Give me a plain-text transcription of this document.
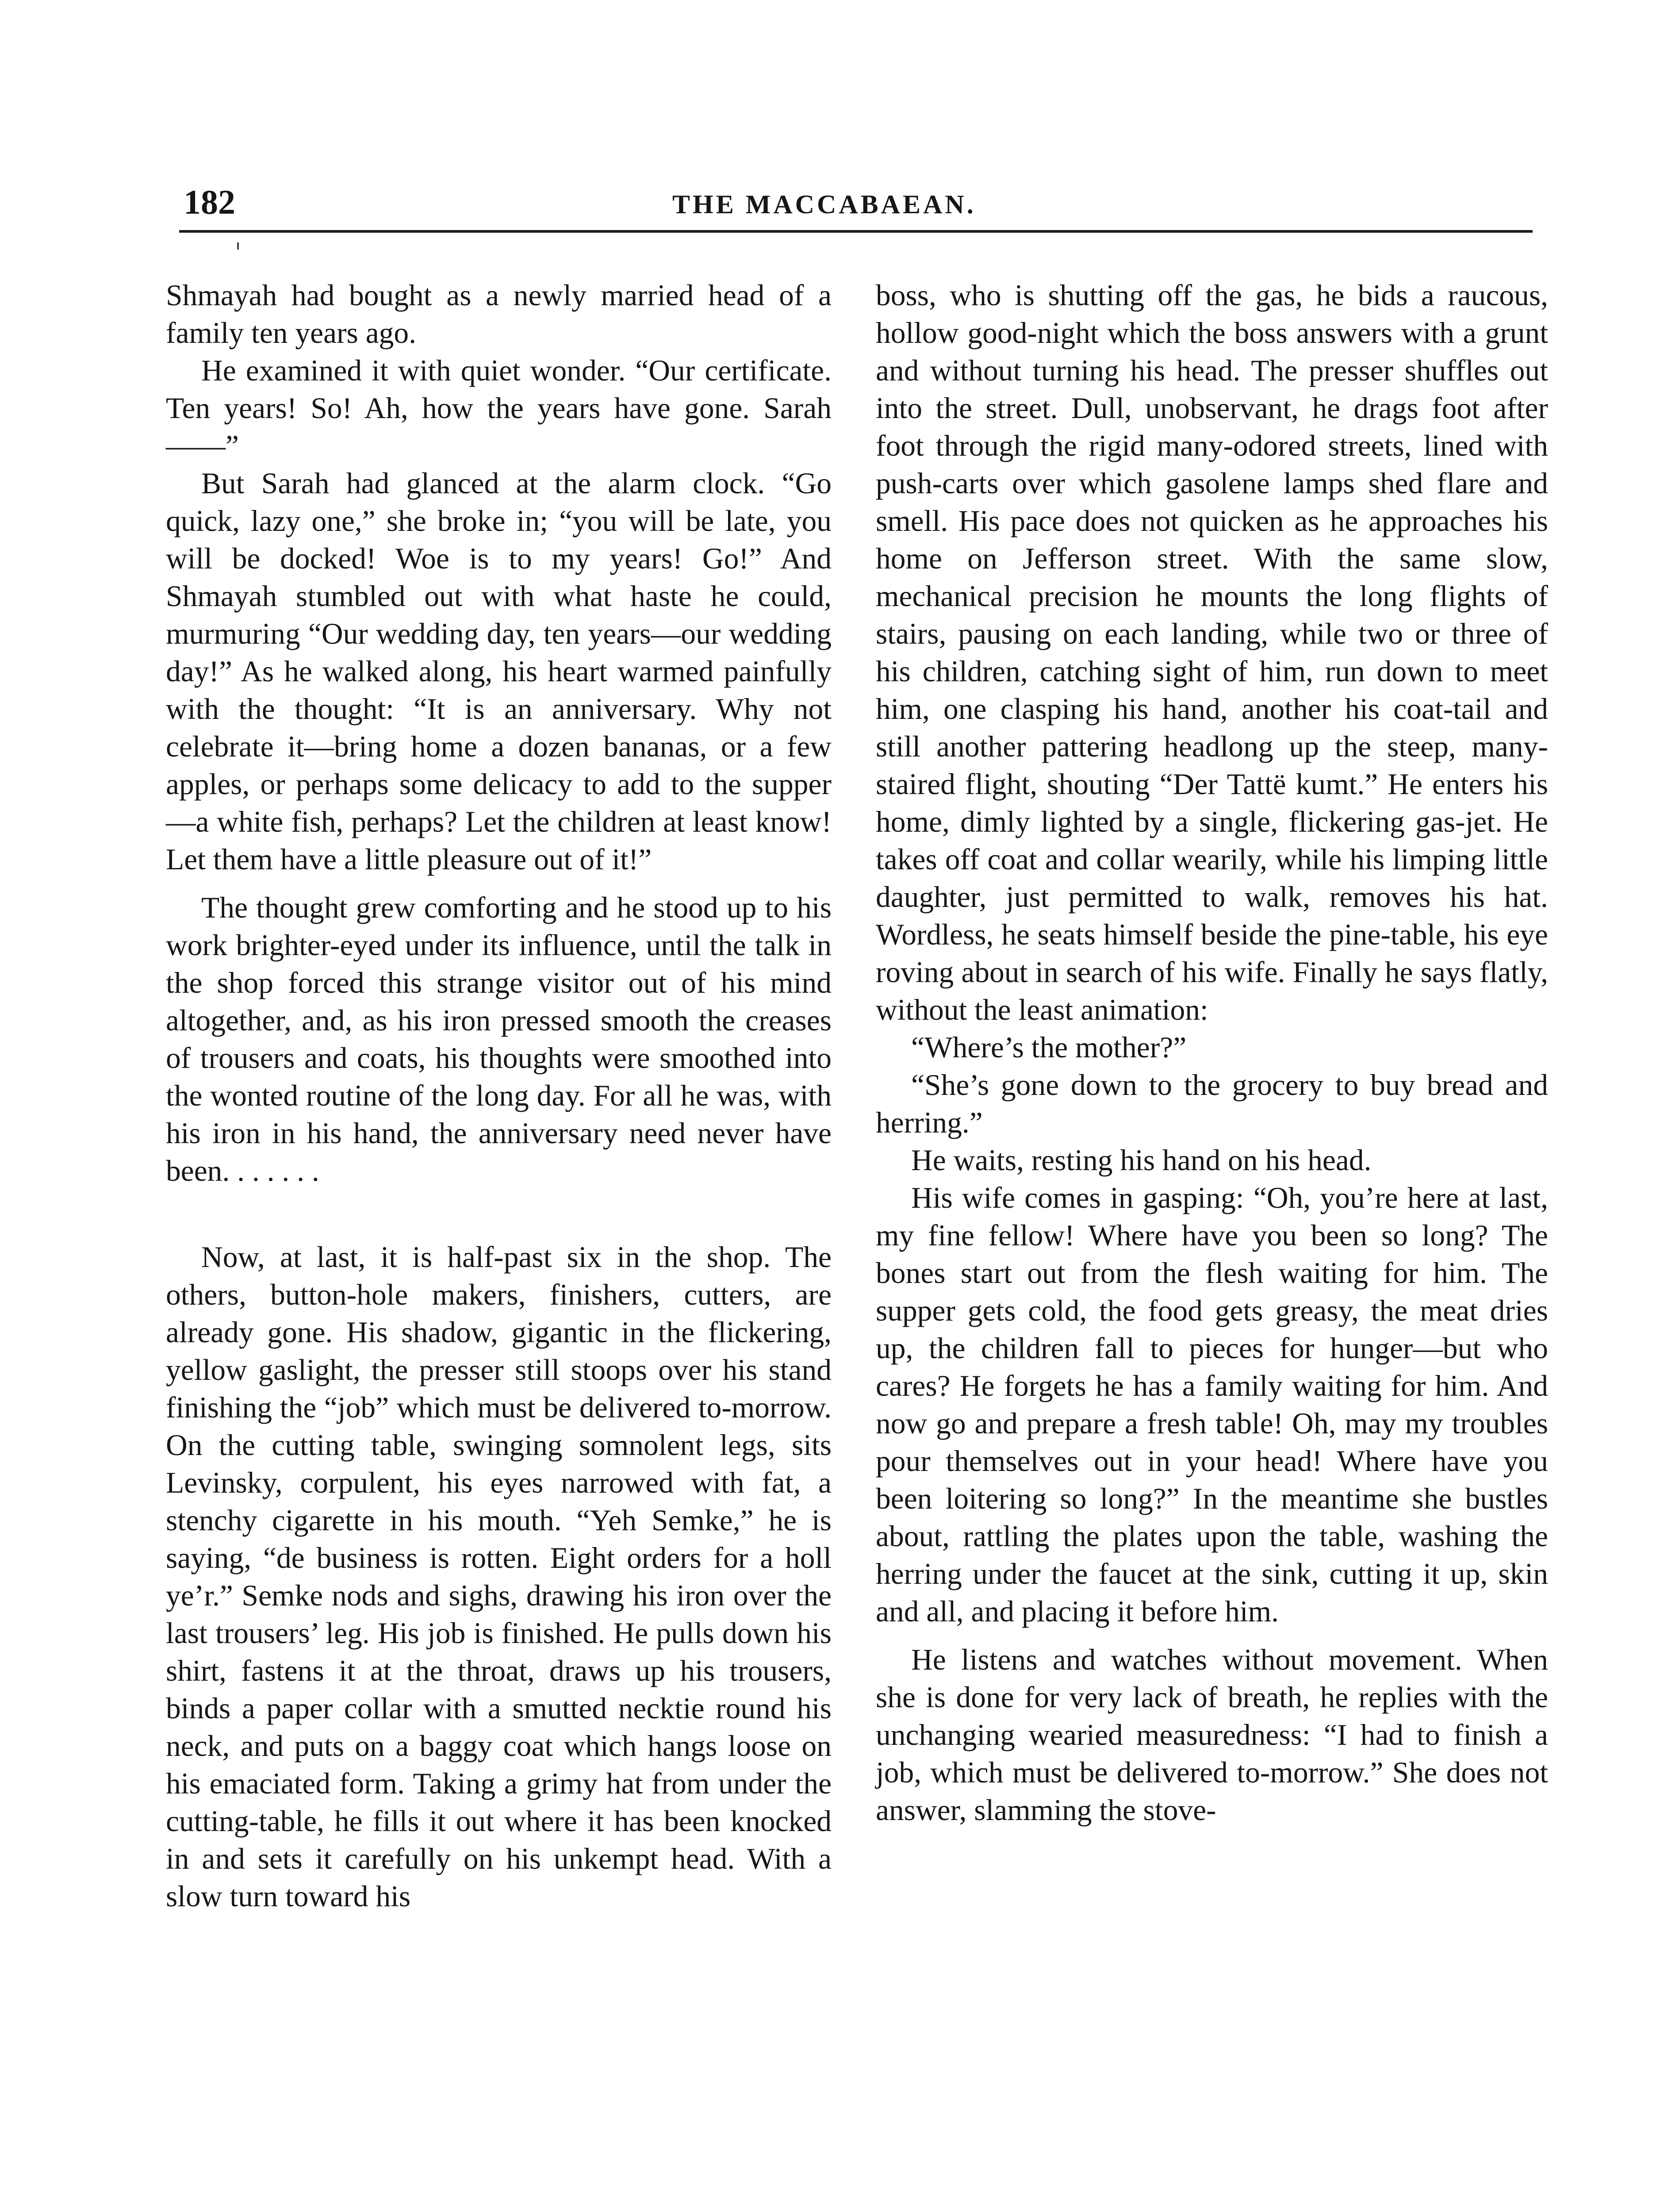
182	THE MACCABAEAN.

Shmayah had bought as a newly married head of a family ten years ago.

He examined it with quiet wonder. “Our certificate. Ten years! So! Ah, how the years have gone. Sarah——”

But Sarah had glanced at the alarm clock. “Go quick, lazy one,” she broke in; “you will be late, you will be docked! Woe is to my years! Go!” And Shmayah stumbled out with what haste he could, murmuring “Our wedding day, ten years—our wedding day!” As he walked along, his heart warmed painfully with the thought: “It is an anniversary. Why not celebrate it—bring home a dozen bananas, or a few apples, or perhaps some delicacy to add to the supper—a white fish, perhaps? Let the children at least know! Let them have a little pleasure out of it!”

The thought grew comforting and he stood up to his work brighter-eyed under its influence, until the talk in the shop forced this strange visitor out of his mind altogether, and, as his iron pressed smooth the creases of trousers and coats, his thoughts were smoothed into the wonted routine of the long day. For all he was, with his iron in his hand, the anniversary need never have been. . . . . . .

Now, at last, it is half-past six in the shop. The others, button-hole makers, finishers, cutters, are already gone. His shadow, gigantic in the flickering, yellow gaslight, the presser still stoops over his stand finishing the “job” which must be delivered to-morrow. On the cutting table, swinging somnolent legs, sits Levinsky, corpulent, his eyes narrowed with fat, a stenchy cigarette in his mouth. “Yeh Semke,” he is saying, “de business is rotten. Eight orders for a holl ye’r.” Semke nods and sighs, drawing his iron over the last trousers’ leg. His job is finished. He pulls down his shirt, fastens it at the throat, draws up his trousers, binds a paper collar with a smutted necktie round his neck, and puts on a baggy coat which hangs loose on his emaciated form. Taking a grimy hat from under the cutting-table, he fills it out where it has been knocked in and sets it carefully on his unkempt head. With a slow turn toward his

boss, who is shutting off the gas, he bids a raucous, hollow good-night which the boss answers with a grunt and without turning his head. The presser shuffles out into the street. Dull, unobservant, he drags foot after foot through the rigid many-odored streets, lined with push-carts over which gasolene lamps shed flare and smell. His pace does not quicken as he approaches his home on Jefferson street. With the same slow, mechanical precision he mounts the long flights of stairs, pausing on each landing, while two or three of his children, catching sight of him, run down to meet him, one clasping his hand, another his coat-tail and still another pattering headlong up the steep, many-staired flight, shouting “Der Tattë kumt.” He enters his home, dimly lighted by a single, flickering gas-jet. He takes off coat and collar wearily, while his limping little daughter, just permitted to walk, removes his hat. Wordless, he seats himself beside the pine-table, his eye roving about in search of his wife. Finally he says flatly, without the least animation:

“Where’s the mother?”

“She’s gone down to the grocery to buy bread and herring.”

He waits, resting his hand on his head.

His wife comes in gasping: “Oh, you’re here at last, my fine fellow! Where have you been so long? The bones start out from the flesh waiting for him. The supper gets cold, the food gets greasy, the meat dries up, the children fall to pieces for hunger—but who cares? He forgets he has a family waiting for him. And now go and prepare a fresh table! Oh, may my troubles pour themselves out in your head! Where have you been loitering so long?” In the meantime she bustles about, rattling the plates upon the table, washing the herring under the faucet at the sink, cutting it up, skin and all, and placing it before him.

He listens and watches without movement. When she is done for very lack of breath, he replies with the unchanging wearied measuredness: “I had to finish a job, which must be delivered to-morrow.” She does not answer, slamming the stove-
